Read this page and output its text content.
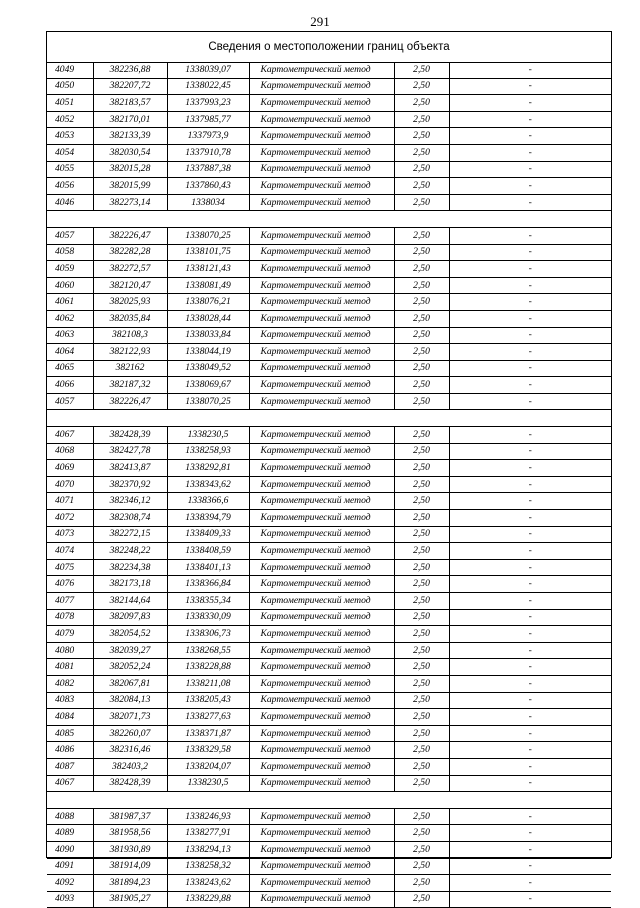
291
Сведения о местоположении границ объекта
4049	382236,88	1338039,07	Картометрический метод	2,50	-
4050	382207,72	1338022,45	Картометрический метод	2,50	-
4051	382183,57	1337993,23	Картометрический метод	2,50	-
4052	382170,01	1337985,77	Картометрический метод	2,50	-
4053	382133,39	1337973,9	Картометрический метод	2,50	-
4054	382030,54	1337910,78	Картометрический метод	2,50	-
4055	382015,28	1337887,38	Картометрический метод	2,50	-
4056	382015,99	1337860,43	Картометрический метод	2,50	-
4046	382273,14	1338034	Картометрический метод	2,50	-

4057	382226,47	1338070,25	Картометрический метод	2,50	-
4058	382282,28	1338101,75	Картометрический метод	2,50	-
4059	382272,57	1338121,43	Картометрический метод	2,50	-
4060	382120,47	1338081,49	Картометрический метод	2,50	-
4061	382025,93	1338076,21	Картометрический метод	2,50	-
4062	382035,84	1338028,44	Картометрический метод	2,50	-
4063	382108,3	1338033,84	Картометрический метод	2,50	-
4064	382122,93	1338044,19	Картометрический метод	2,50	-
4065	382162	1338049,52	Картометрический метод	2,50	-
4066	382187,32	1338069,67	Картометрический метод	2,50	-
4057	382226,47	1338070,25	Картометрический метод	2,50	-

4067	382428,39	1338230,5	Картометрический метод	2,50	-
4068	382427,78	1338258,93	Картометрический метод	2,50	-
4069	382413,87	1338292,81	Картометрический метод	2,50	-
4070	382370,92	1338343,62	Картометрический метод	2,50	-
4071	382346,12	1338366,6	Картометрический метод	2,50	-
4072	382308,74	1338394,79	Картометрический метод	2,50	-
4073	382272,15	1338409,33	Картометрический метод	2,50	-
4074	382248,22	1338408,59	Картометрический метод	2,50	-
4075	382234,38	1338401,13	Картометрический метод	2,50	-
4076	382173,18	1338366,84	Картометрический метод	2,50	-
4077	382144,64	1338355,34	Картометрический метод	2,50	-
4078	382097,83	1338330,09	Картометрический метод	2,50	-
4079	382054,52	1338306,73	Картометрический метод	2,50	-
4080	382039,27	1338268,55	Картометрический метод	2,50	-
4081	382052,24	1338228,88	Картометрический метод	2,50	-
4082	382067,81	1338211,08	Картометрический метод	2,50	-
4083	382084,13	1338205,43	Картометрический метод	2,50	-
4084	382071,73	1338277,63	Картометрический метод	2,50	-
4085	382260,07	1338371,87	Картометрический метод	2,50	-
4086	382316,46	1338329,58	Картометрический метод	2,50	-
4087	382403,2	1338204,07	Картометрический метод	2,50	-
4067	382428,39	1338230,5	Картометрический метод	2,50	-

4088	381987,37	1338246,93	Картометрический метод	2,50	-
4089	381958,56	1338277,91	Картометрический метод	2,50	-
4090	381930,89	1338294,13	Картометрический метод	2,50	-
4091	381914,09	1338258,32	Картометрический метод	2,50	-
4092	381894,23	1338243,62	Картометрический метод	2,50	-
4093	381905,27	1338229,88	Картометрический метод	2,50	-
